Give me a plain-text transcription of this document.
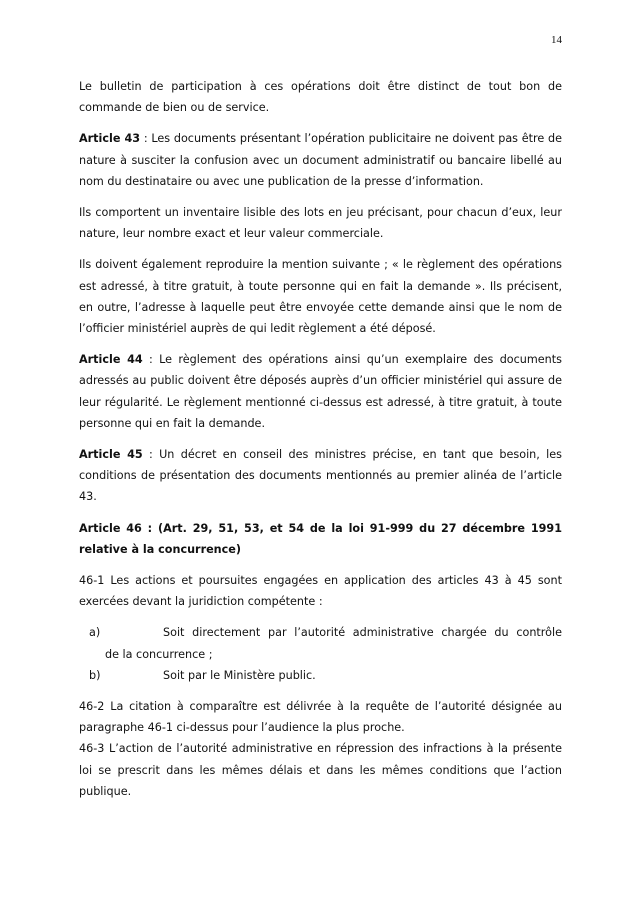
14

Le bulletin de participation à ces opérations doit être distinct de tout bon de commande de bien ou de service.

Article 43 : Les documents présentant l’opération publicitaire ne doivent pas être de nature à susciter la confusion avec un document administratif ou bancaire libellé au nom du destinataire ou avec une publication de la presse d’information.

Ils comportent un inventaire lisible des lots en jeu précisant, pour chacun d’eux, leur nature, leur nombre exact et leur valeur commerciale.

Ils doivent également reproduire la mention suivante ; « le règlement des opérations est adressé, à titre gratuit, à toute personne qui en fait la demande ». Ils précisent, en outre, l’adresse à laquelle peut être envoyée cette demande ainsi que le nom de l’officier ministériel auprès de qui ledit règlement a été déposé.

Article 44 : Le règlement des opérations ainsi qu’un exemplaire des documents adressés au public doivent être déposés auprès d’un officier ministériel qui assure de leur régularité. Le règlement mentionné ci-dessus est adressé, à titre gratuit, à toute personne qui en fait la demande.

Article 45 : Un décret en conseil des ministres précise, en tant que besoin, les conditions de présentation des documents mentionnés au premier alinéa de l’article 43.

Article 46 : (Art. 29, 51, 53, et 54 de la loi 91-999 du 27 décembre 1991 relative à la concurrence)

46-1 Les actions et poursuites engagées en application des articles 43 à 45 sont exercées devant la juridiction compétente :

a)	Soit directement par l’autorité administrative chargée du contrôle
de la concurrence ;
b)	Soit par le Ministère public.

46-2 La citation à comparaître est délivrée à la requête de l’autorité désignée au paragraphe 46-1 ci-dessus pour l’audience la plus proche.

46-3 L’action de l’autorité administrative en répression des infractions à la présente loi se prescrit dans les mêmes délais et dans les mêmes conditions que l’action publique.
